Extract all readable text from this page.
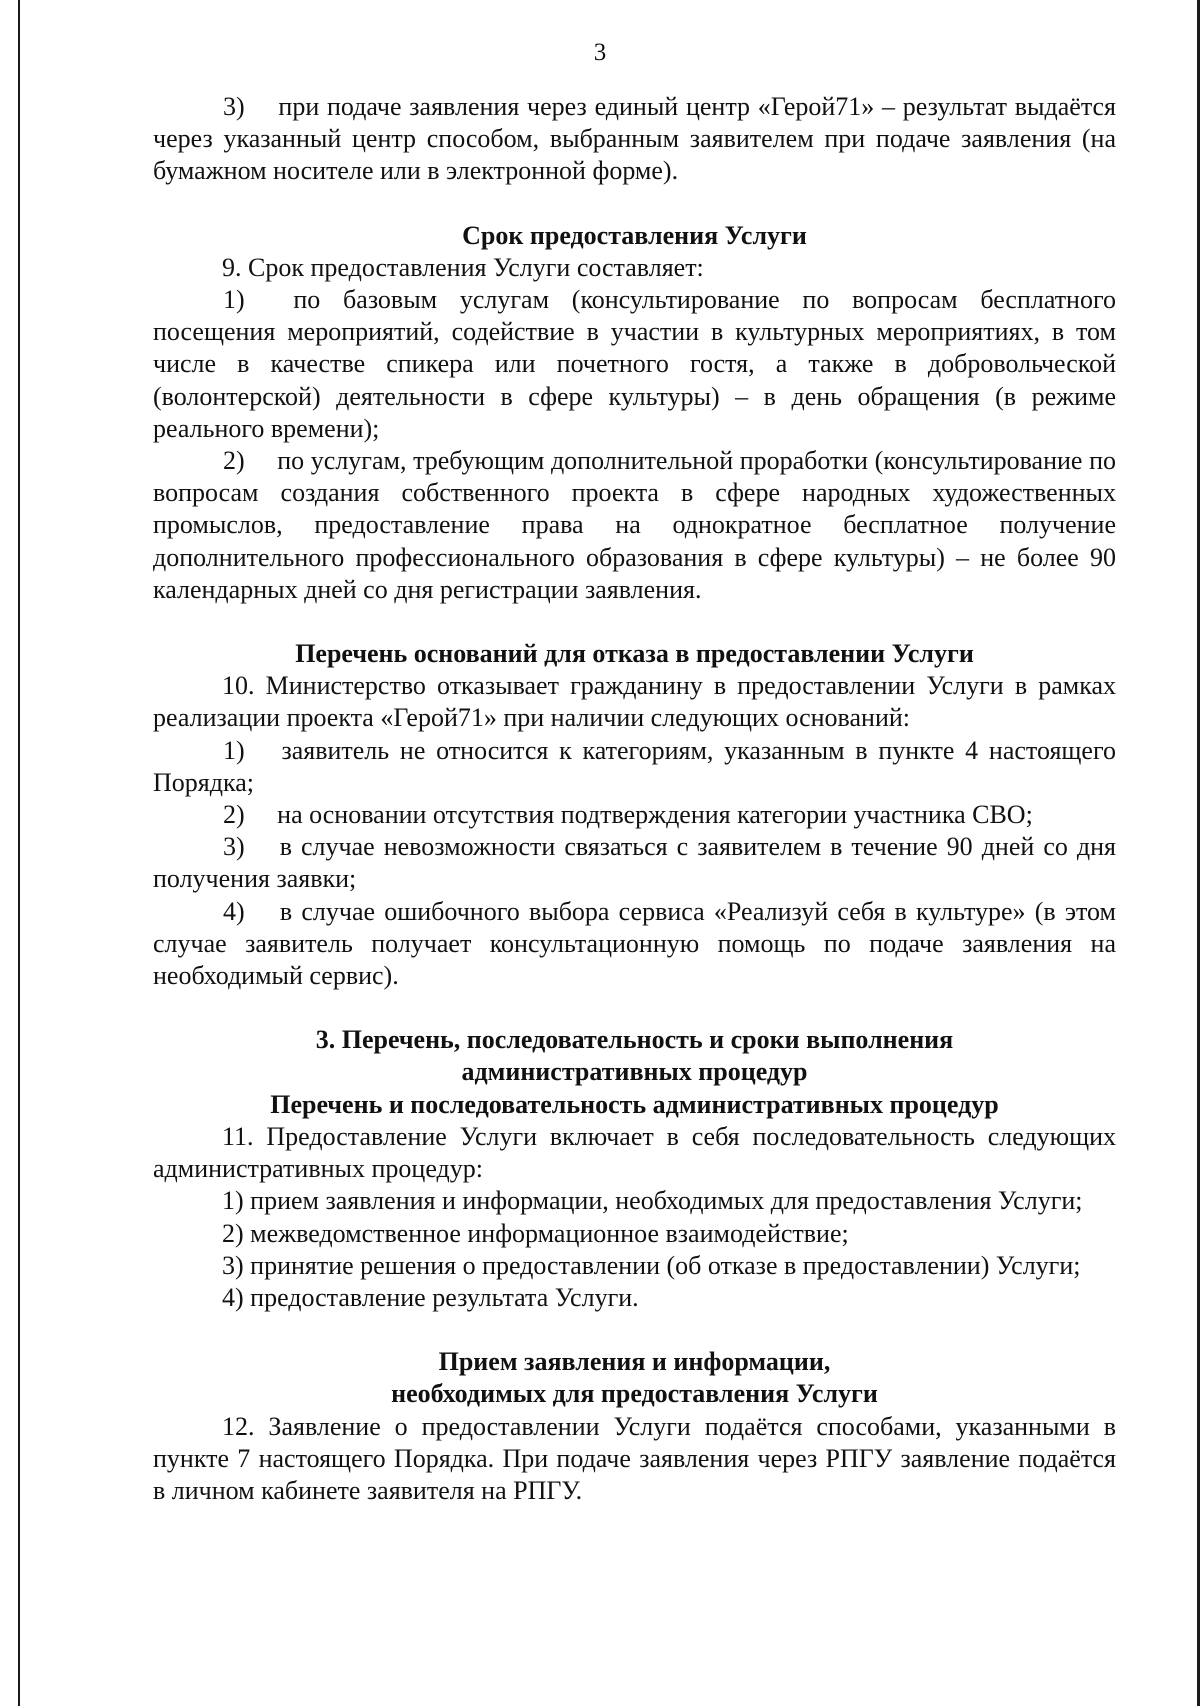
3

3)  при подаче заявления через единый центр «Герой71» – результат выдаётся через указанный центр способом, выбранным заявителем при подаче заявления (на бумажном носителе или в электронной форме).

Срок предоставления Услуги

9. Срок предоставления Услуги составляет:

1)  по базовым услугам (консультирование по вопросам бесплатного посещения мероприятий, содействие в участии в культурных мероприятиях, в том числе в качестве спикера или почетного гостя, а также в добровольческой (волонтерской) деятельности в сфере культуры) – в день обращения (в режиме реального времени);

2)  по услугам, требующим дополнительной проработки (консультирование по вопросам создания собственного проекта в сфере народных художественных промыслов, предоставление права на однократное бесплатное получение дополнительного профессионального образования в сфере культуры) – не более 90 календарных дней со дня регистрации заявления.

Перечень оснований для отказа в предоставлении Услуги

10. Министерство отказывает гражданину в предоставлении Услуги в рамках реализации проекта «Герой71» при наличии следующих оснований:

1)  заявитель не относится к категориям, указанным в пункте 4 настоящего Порядка;

2)  на основании отсутствия подтверждения категории участника СВО;

3)  в случае невозможности связаться с заявителем в течение 90 дней со дня получения заявки;

4)  в случае ошибочного выбора сервиса «Реализуй себя в культуре» (в этом случае заявитель получает консультационную помощь по подаче заявления на необходимый сервис).

3. Перечень, последовательность и сроки выполнения

административных процедур

Перечень и последовательность административных процедур

11. Предоставление Услуги включает в себя последовательность следующих административных процедур:

1) прием заявления и информации, необходимых для предоставления Услуги;

2) межведомственное информационное взаимодействие;

3) принятие решения о предоставлении (об отказе в предоставлении) Услуги;

4) предоставление результата Услуги.

Прием заявления и информации,

необходимых для предоставления Услуги

12. Заявление о предоставлении Услуги подаётся способами, указанными в пункте 7 настоящего Порядка. При подаче заявления через РПГУ заявление подаётся в личном кабинете заявителя на РПГУ.
